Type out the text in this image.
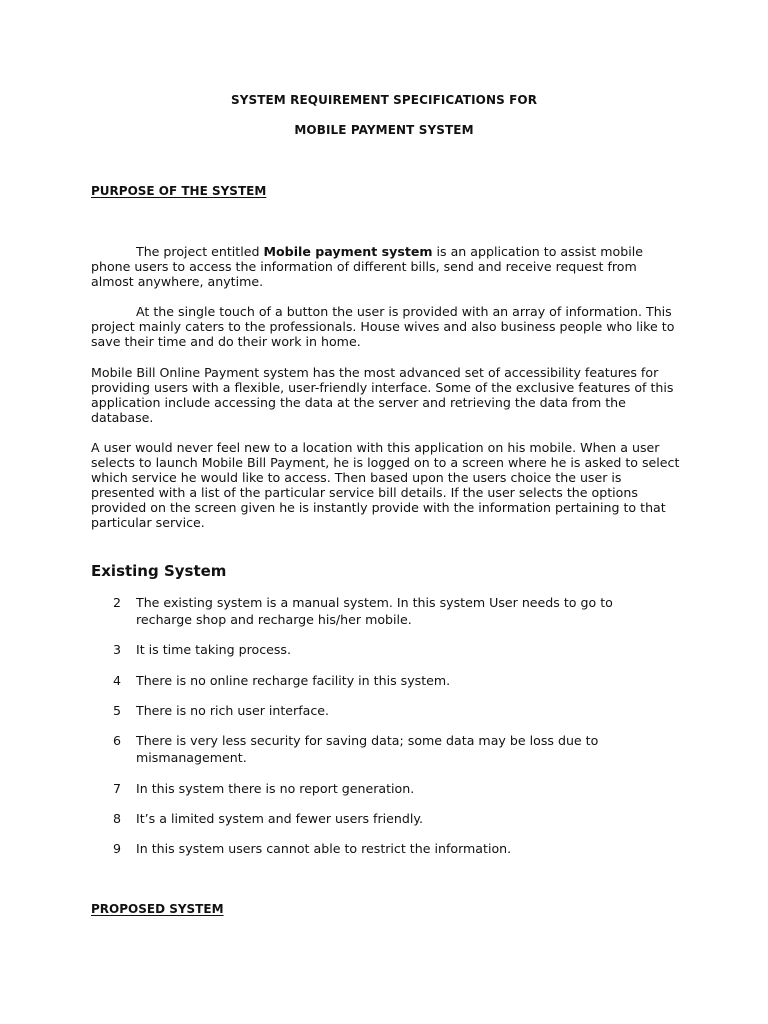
SYSTEM REQUIREMENT SPECIFICATIONS FOR
MOBILE PAYMENT SYSTEM
PURPOSE OF THE SYSTEM
The project entitled Mobile payment system is an application to assist mobile
phone users to access the information of different bills, send and receive request from
almost anywhere, anytime.
At the single touch of a button the user is provided with an array of information. This
project mainly caters to the professionals. House wives and also business people who like to
save their time and do their work in home.
Mobile Bill Online Payment system has the most advanced set of accessibility features for
providing users with a flexible, user-friendly interface. Some of the exclusive features of this
application include accessing the data at the server and retrieving the data from the
database.
A user would never feel new to a location with this application on his mobile. When a user
selects to launch Mobile Bill Payment, he is logged on to a screen where he is asked to select
which service he would like to access. Then based upon the users choice the user is
presented with a list of the particular service bill details. If the user selects the options
provided on the screen given he is instantly provide with the information pertaining to that
particular service.
Existing System
2 The existing system is a manual system. In this system User needs to go to
recharge shop and recharge his/her mobile.
3 It is time taking process.
4 There is no online recharge facility in this system.
5 There is no rich user interface.
6 There is very less security for saving data; some data may be loss due to
mismanagement.
7 In this system there is no report generation.
8 It’s a limited system and fewer users friendly.
9 In this system users cannot able to restrict the information.
PROPOSED SYSTEM
